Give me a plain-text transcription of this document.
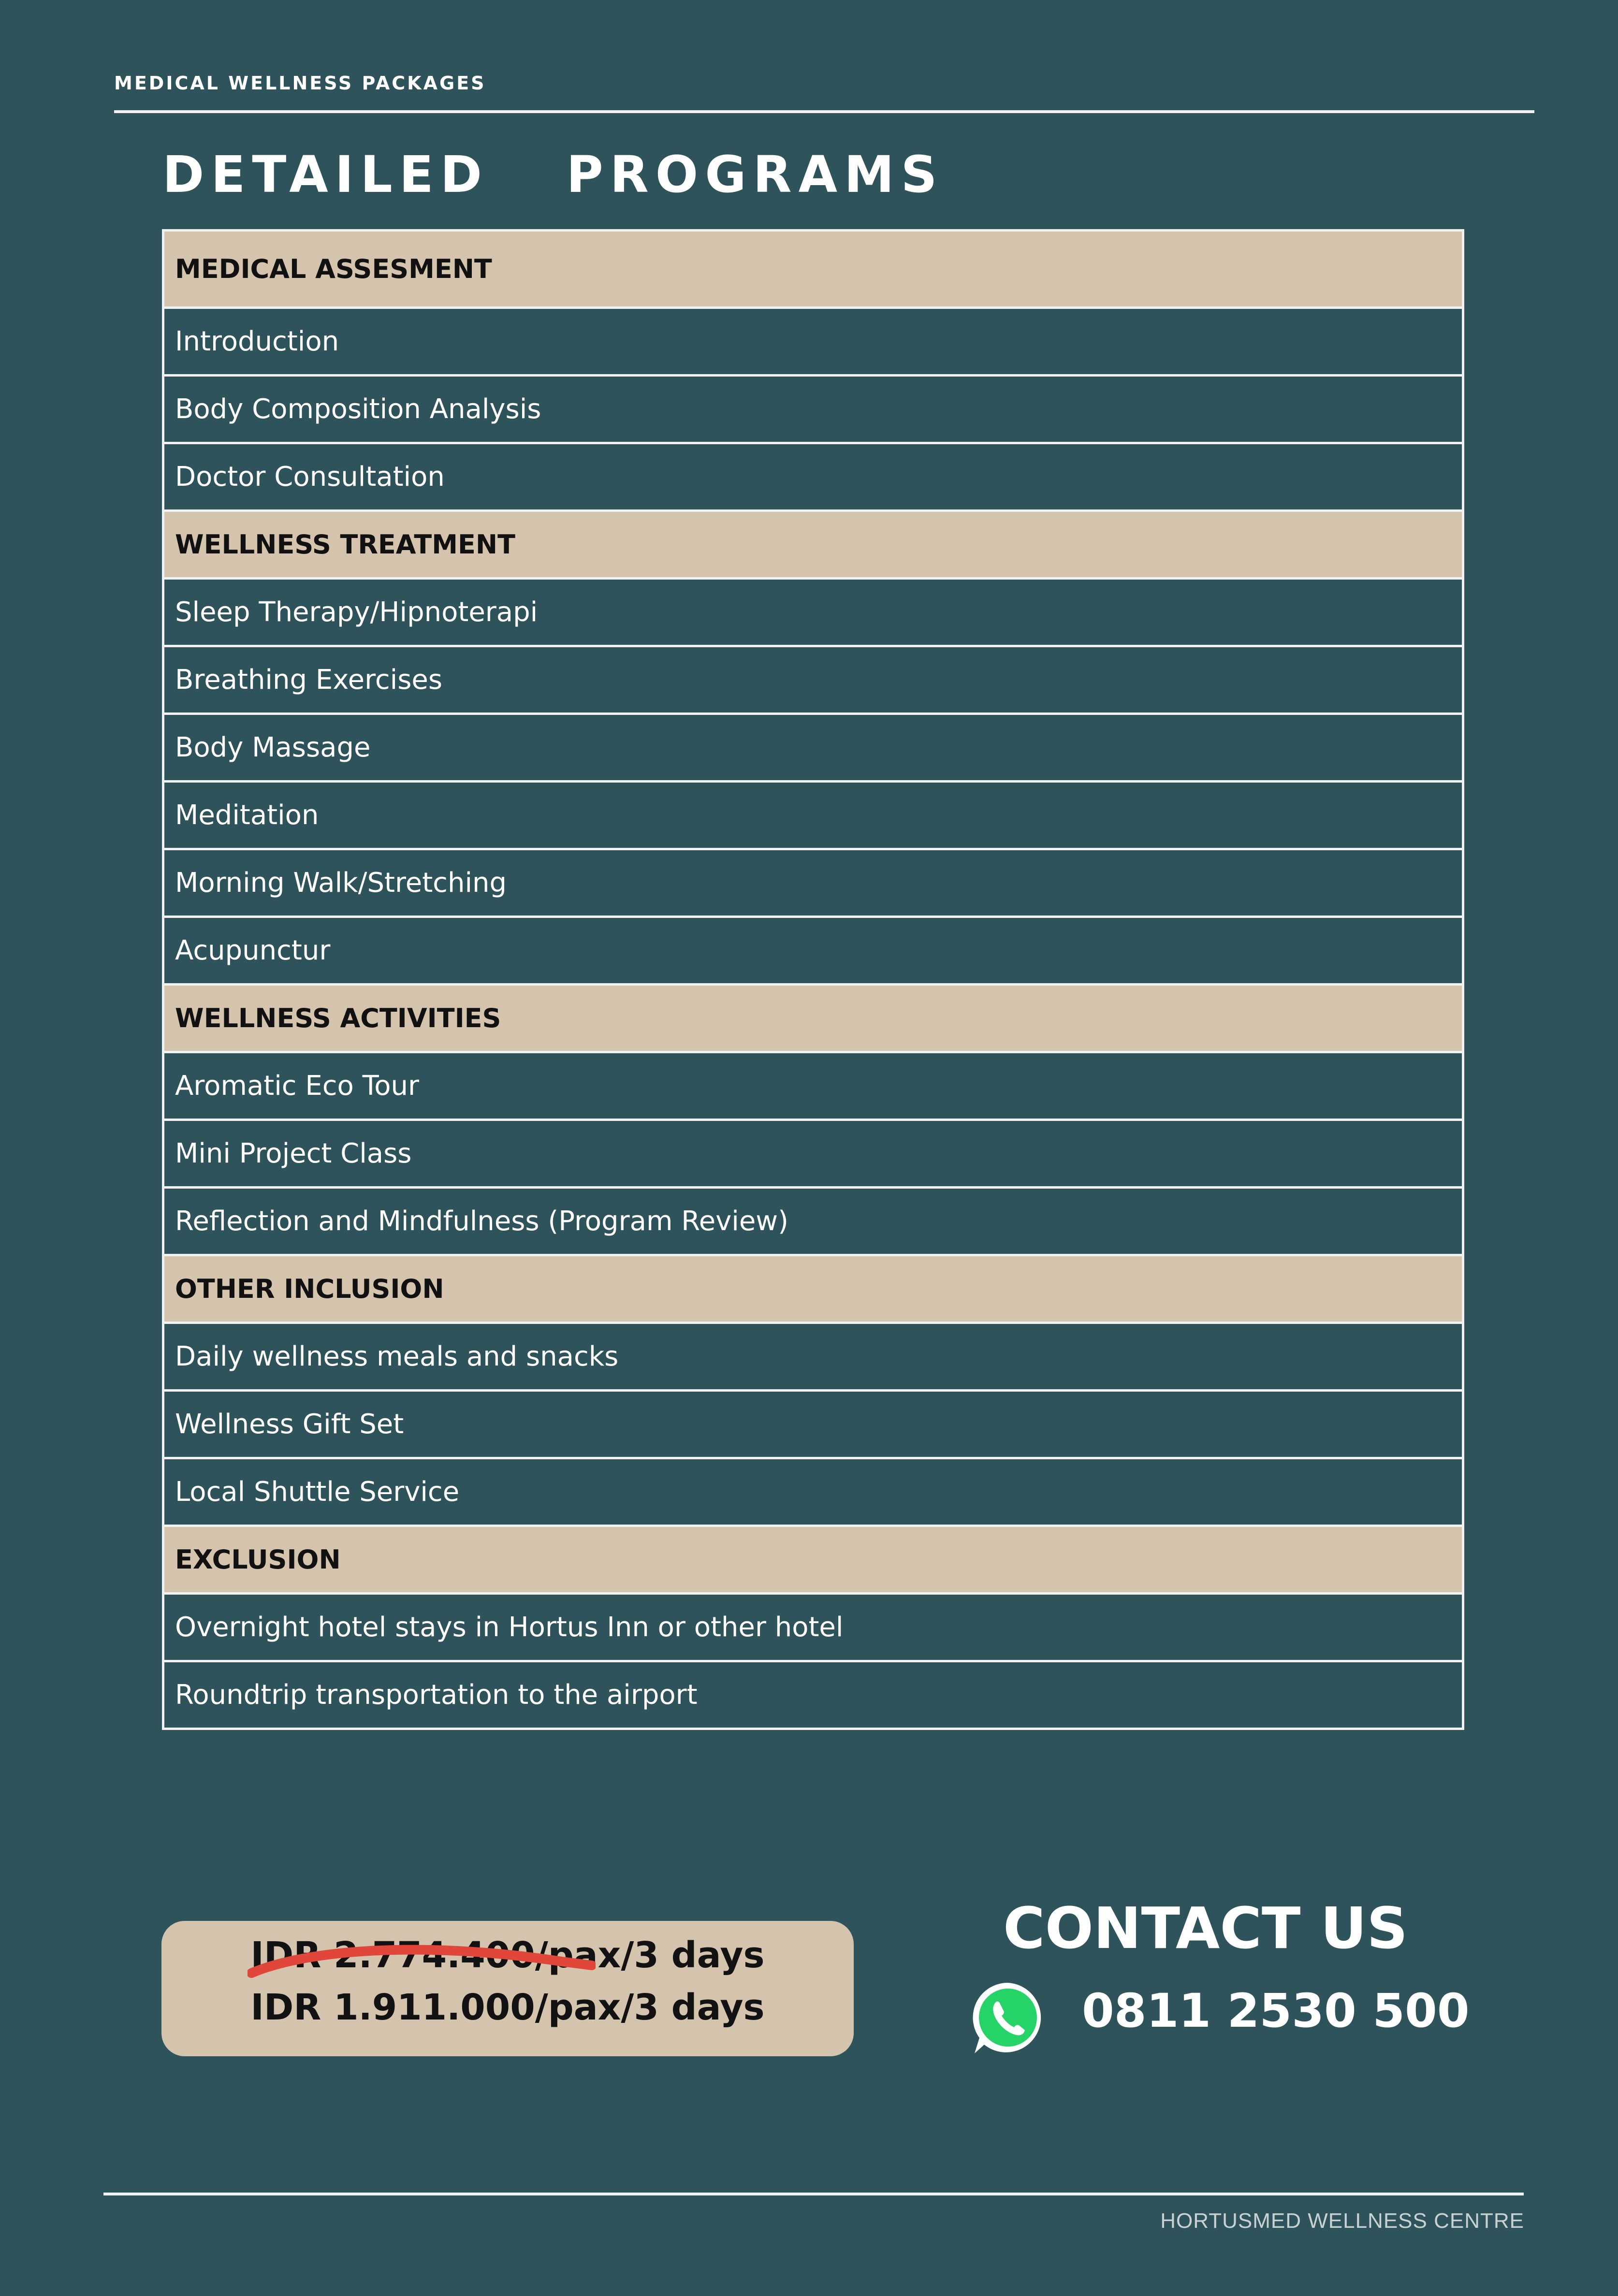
MEDICAL WELLNESS PACKAGES
DETAILED  PROGRAMS
MEDICAL ASSESMENT
Introduction
Body Composition Analysis
Doctor Consultation
WELLNESS TREATMENT
Sleep Therapy/Hipnoterapi
Breathing Exercises
Body Massage
Meditation
Morning Walk/Stretching
Acupunctur
WELLNESS ACTIVITIES
Aromatic Eco Tour
Mini Project Class
Reflection and Mindfulness (Program Review)
OTHER INCLUSION
Daily wellness meals and snacks
Wellness Gift Set
Local Shuttle Service
EXCLUSION
Overnight hotel stays in Hortus Inn or other hotel
Roundtrip transportation to the airport
IDR 2.774.400/pax/3 days
IDR 1.911.000/pax/3 days
CONTACT US
0811 2530 500
HORTUSMED WELLNESS CENTRE
